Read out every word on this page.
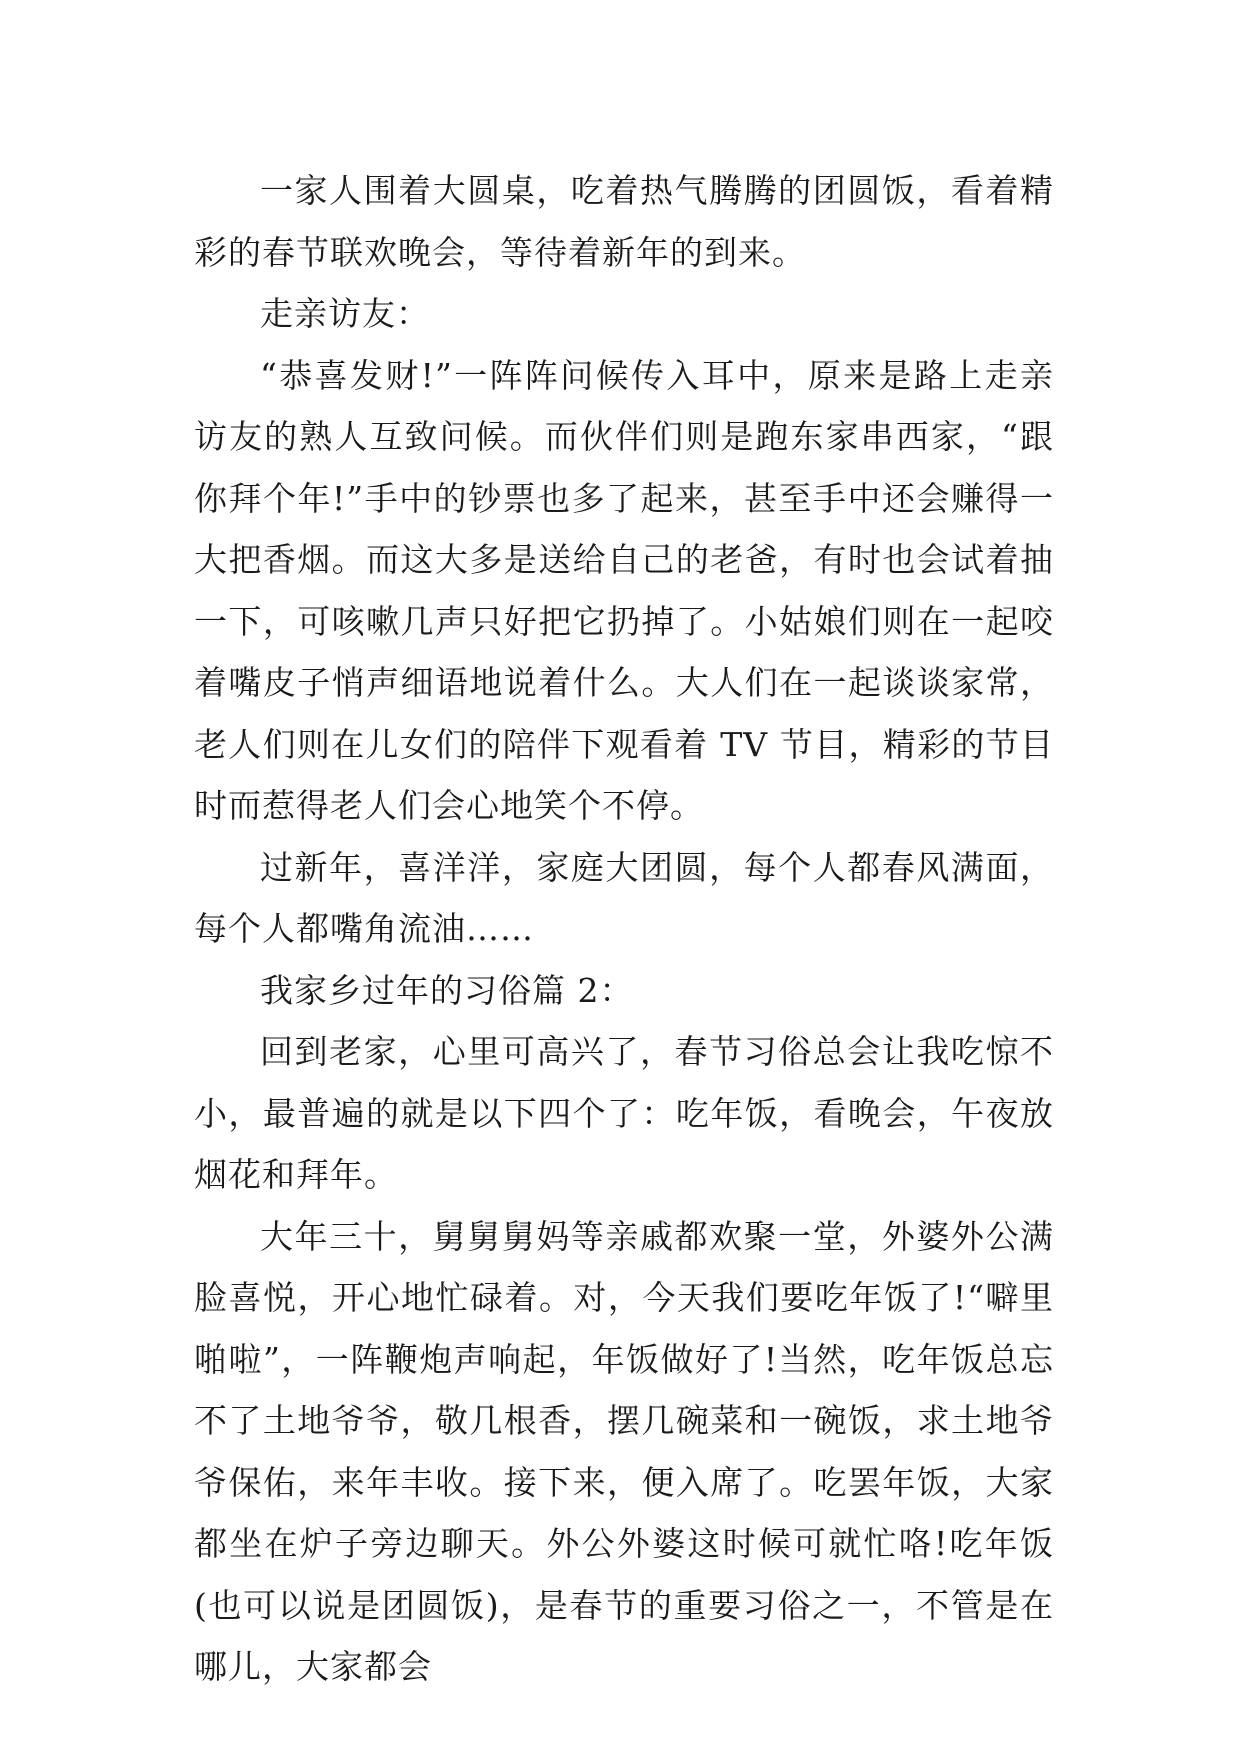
一家人围着大圆桌，吃着热气腾腾的团圆饭，看着精彩的春节联欢晚会，等待着新年的到来。

走亲访友：

“恭喜发财!”一阵阵问候传入耳中，原来是路上走亲访友的熟人互致问候。而伙伴们则是跑东家串西家，“跟你拜个年!”手中的钞票也多了起来，甚至手中还会赚得一大把香烟。而这大多是送给自己的老爸，有时也会试着抽一下，可咳嗽几声只好把它扔掉了。小姑娘们则在一起咬着嘴皮子悄声细语地说着什么。大人们在一起谈谈家常，老人们则在儿女们的陪伴下观看着 TV 节目，精彩的节目时而惹得老人们会心地笑个不停。

过新年，喜洋洋，家庭大团圆，每个人都春风满面，每个人都嘴角流油……

我家乡过年的习俗篇 2：

回到老家，心里可高兴了，春节习俗总会让我吃惊不小，最普遍的就是以下四个了：吃年饭，看晚会，午夜放烟花和拜年。

大年三十，舅舅舅妈等亲戚都欢聚一堂，外婆外公满脸喜悦，开心地忙碌着。对，今天我们要吃年饭了!“噼里啪啦”，一阵鞭炮声响起，年饭做好了!当然，吃年饭总忘不了土地爷爷，敬几根香，摆几碗菜和一碗饭，求土地爷爷保佑，来年丰收。接下来，便入席了。吃罢年饭，大家都坐在炉子旁边聊天。外公外婆这时候可就忙咯!吃年饭(也可以说是团圆饭)，是春节的重要习俗之一，不管是在哪儿，大家都会
